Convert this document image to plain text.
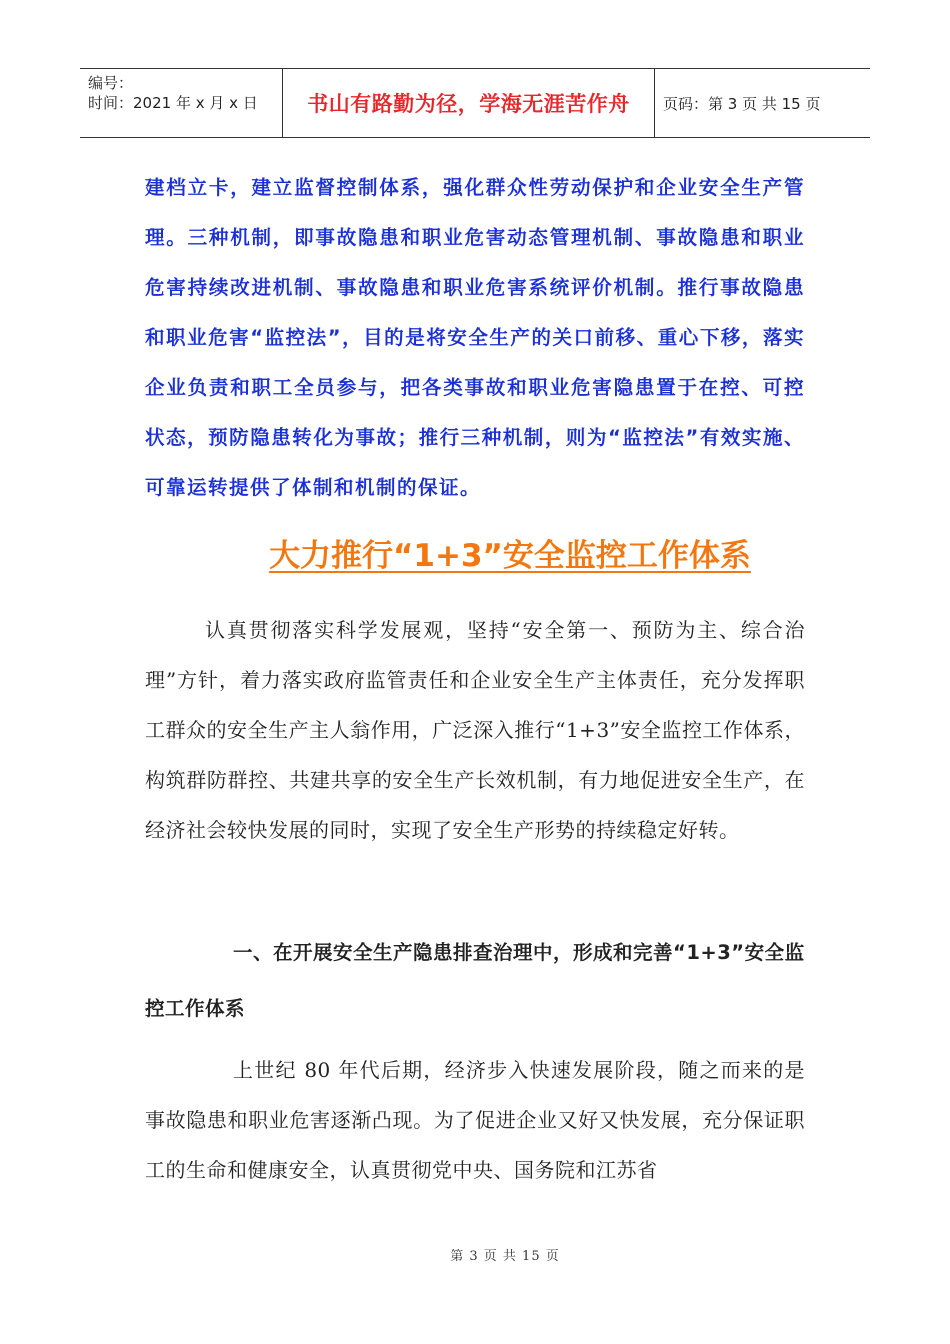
编号：
时间：2021 年 x 月 x 日	书山有路勤为径，学海无涯苦作舟	页码：第 3 页 共 15 页
建档立卡，建立监督控制体系，强化群众性劳动保护和企业安全生产管理。三种机制，即事故隐患和职业危害动态管理机制、事故隐患和职业危害持续改进机制、事故隐患和职业危害系统评价机制。推行事故隐患和职业危害“监控法”，目的是将安全生产的关口前移、重心下移，落实企业负责和职工全员参与，把各类事故和职业危害隐患置于在控、可控状态，预防隐患转化为事故；推行三种机制，则为“监控法”有效实施、可靠运转提供了体制和机制的保证。
大力推行“1+3”安全监控工作体系
认真贯彻落实科学发展观，坚持“安全第一、预防为主、综合治理”方针，着力落实政府监管责任和企业安全生产主体责任，充分发挥职工群众的安全生产主人翁作用，广泛深入推行“1+3”安全监控工作体系，构筑群防群控、共建共享的安全生产长效机制，有力地促进安全生产，在经济社会较快发展的同时，实现了安全生产形势的持续稳定好转。
一、在开展安全生产隐患排查治理中，形成和完善“1+3”安全监控工作体系
上世纪 80 年代后期，经济步入快速发展阶段，随之而来的是事故隐患和职业危害逐渐凸现。为了促进企业又好又快发展，充分保证职工的生命和健康安全，认真贯彻党中央、国务院和江苏省
第 3 页 共 15 页
